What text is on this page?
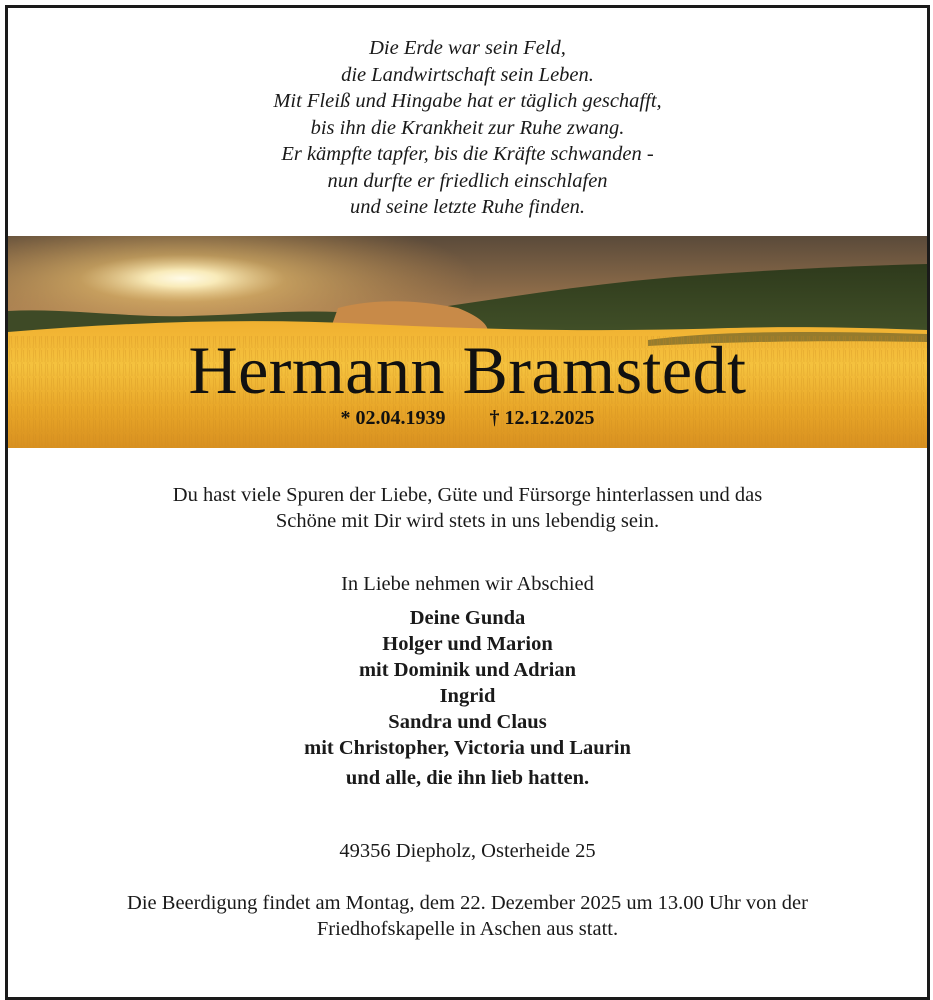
Die Erde war sein Feld,
die Landwirtschaft sein Leben.
Mit Fleiß und Hingabe hat er täglich geschafft,
bis ihn die Krankheit zur Ruhe zwang.
Er kämpfte tapfer, bis die Kräfte schwanden -
nun durfte er friedlich einschlafen
und seine letzte Ruhe finden.
Hermann Bramstedt
* 02.04.1939 † 12.12.2025
Du hast viele Spuren der Liebe, Güte und Fürsorge hinterlassen und das
Schöne mit Dir wird stets in uns lebendig sein.
In Liebe nehmen wir Abschied
Deine Gunda
Holger und Marion
mit Dominik und Adrian
Ingrid
Sandra und Claus
mit Christopher, Victoria und Laurin
und alle, die ihn lieb hatten.
49356 Diepholz, Osterheide 25
Die Beerdigung findet am Montag, dem 22. Dezember 2025 um 13.00 Uhr von der
Friedhofskapelle in Aschen aus statt.
